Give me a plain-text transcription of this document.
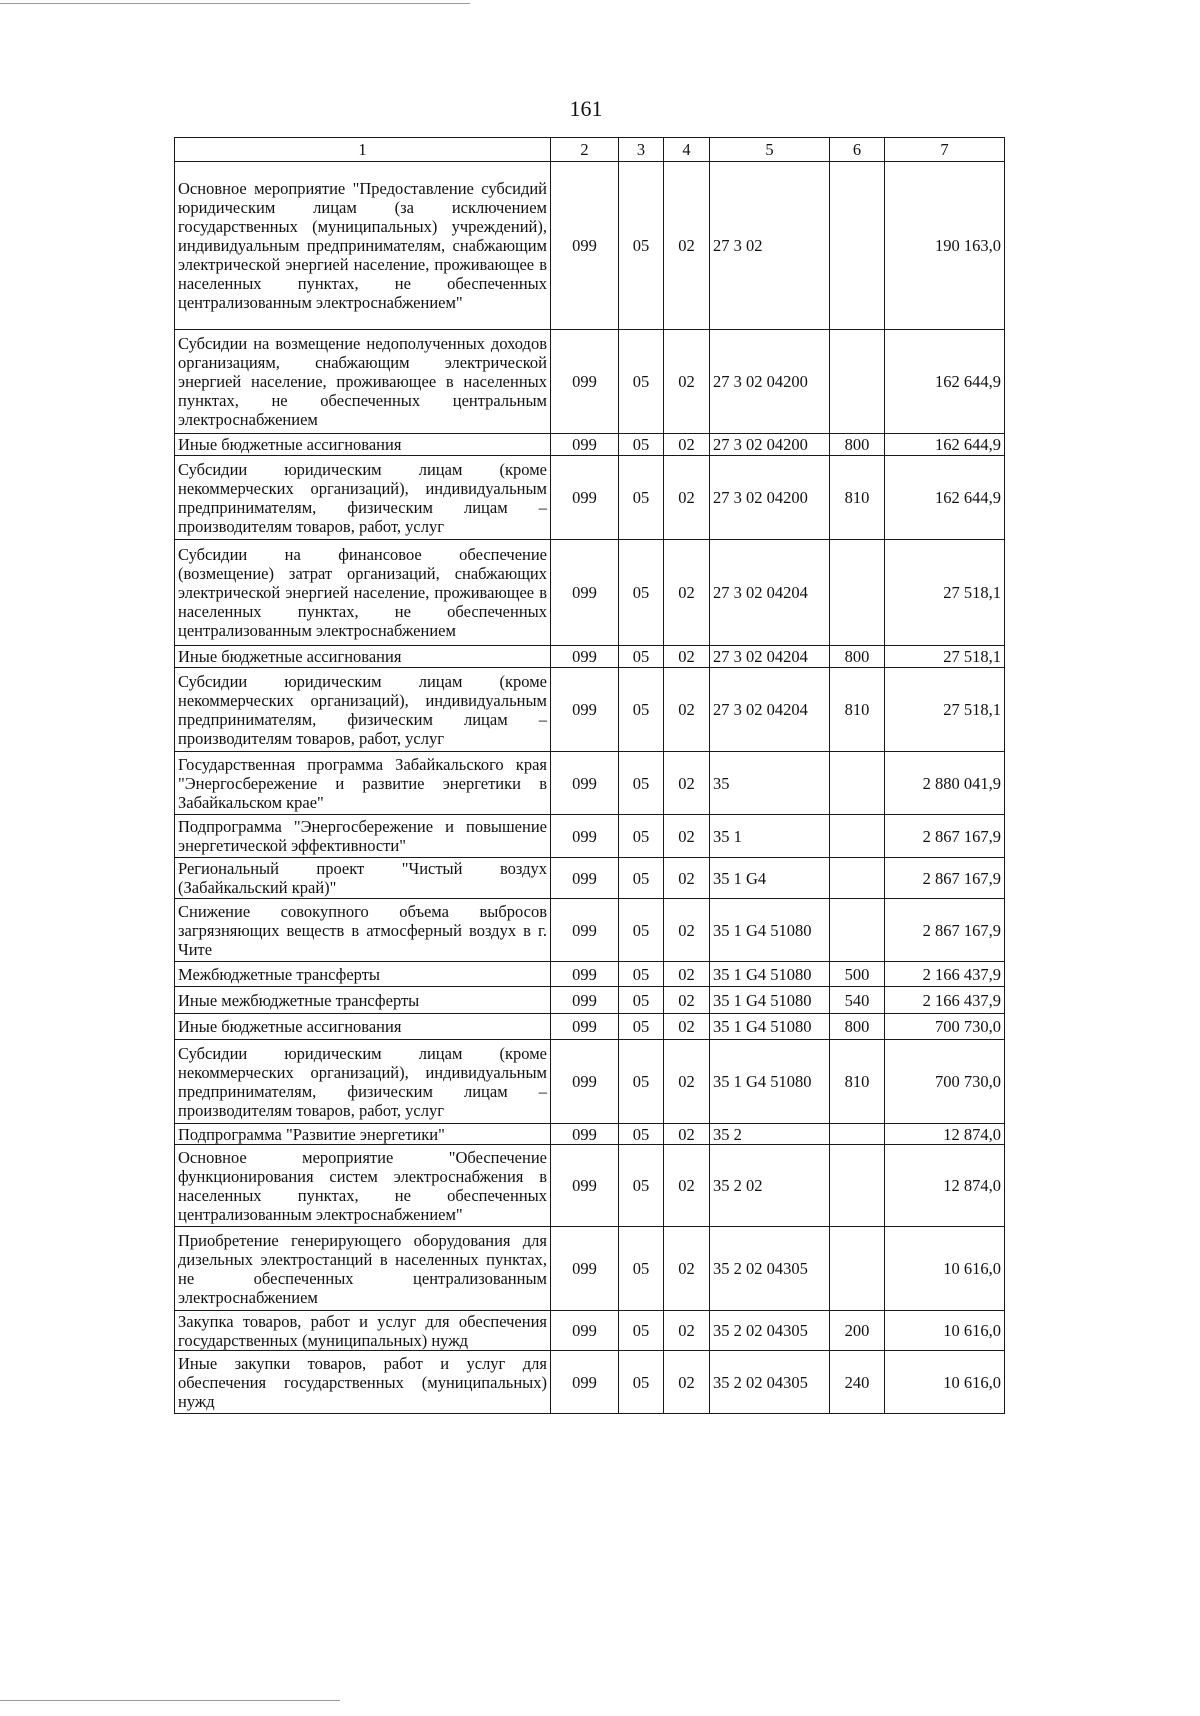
161
1	2	3	4	5	6	7
Основное мероприятие "Предоставление субсидий юридическим лицам (за исключением государственных (муниципальных) учреждений), индивидуальным предпринимателям, снабжающим электрической энергией население, проживающее в населенных пунктах, не обеспеченных централизованным электроснабжением"	099	05	02	27 3 02		190 163,0
Субсидии на возмещение недополученных доходов организациям, снабжающим электрической энергией население, проживающее в населенных пунктах, не обеспеченных центральным электроснабжением	099	05	02	27 3 02 04200		162 644,9
Иные бюджетные ассигнования	099	05	02	27 3 02 04200	800	162 644,9
Субсидии юридическим лицам (кроме некоммерческих организаций), индивидуальным предпринимателям, физическим лицам – производителям товаров, работ, услуг	099	05	02	27 3 02 04200	810	162 644,9
Субсидии на финансовое обеспечение (возмещение) затрат организаций, снабжающих электрической энергией население, проживающее в населенных пунктах, не обеспеченных централизованным электроснабжением	099	05	02	27 3 02 04204		27 518,1
Иные бюджетные ассигнования	099	05	02	27 3 02 04204	800	27 518,1
Субсидии юридическим лицам (кроме некоммерческих организаций), индивидуальным предпринимателям, физическим лицам – производителям товаров, работ, услуг	099	05	02	27 3 02 04204	810	27 518,1
Государственная программа Забайкальского края "Энергосбережение и развитие энергетики в Забайкальском крае"	099	05	02	35		2 880 041,9
Подпрограмма "Энергосбережение и повышение энергетической эффективности"	099	05	02	35 1		2 867 167,9
Региональный проект "Чистый воздух (Забайкальский край)"	099	05	02	35 1 G4		2 867 167,9
Снижение совокупного объема выбросов загрязняющих веществ в атмосферный воздух в г. Чите	099	05	02	35 1 G4 51080		2 867 167,9
Межбюджетные трансферты	099	05	02	35 1 G4 51080	500	2 166 437,9
Иные межбюджетные трансферты	099	05	02	35 1 G4 51080	540	2 166 437,9
Иные бюджетные ассигнования	099	05	02	35 1 G4 51080	800	700 730,0
Субсидии юридическим лицам (кроме некоммерческих организаций), индивидуальным предпринимателям, физическим лицам – производителям товаров, работ, услуг	099	05	02	35 1 G4 51080	810	700 730,0
Подпрограмма "Развитие энергетики"	099	05	02	35 2		12 874,0
Основное мероприятие "Обеспечение функционирования систем электроснабжения в населенных пунктах, не обеспеченных централизованным электроснабжением"	099	05	02	35 2 02		12 874,0
Приобретение генерирующего оборудования для дизельных электростанций в населенных пунктах, не обеспеченных централизованным электроснабжением	099	05	02	35 2 02 04305		10 616,0
Закупка товаров, работ и услуг для обеспечения государственных (муниципальных) нужд	099	05	02	35 2 02 04305	200	10 616,0
Иные закупки товаров, работ и услуг для обеспечения государственных (муниципальных) нужд	099	05	02	35 2 02 04305	240	10 616,0
